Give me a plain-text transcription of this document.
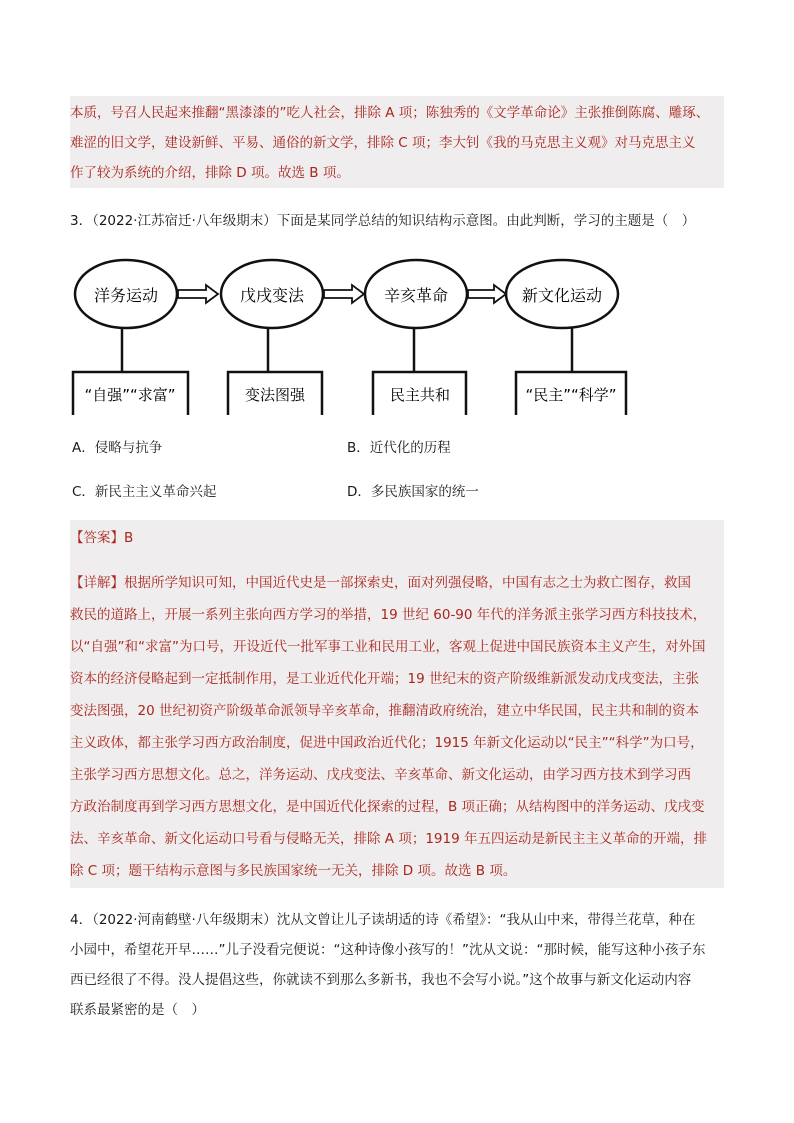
本质，号召人民起来推翻“黑漆漆的”吃人社会，排除 A 项；陈独秀的《文学革命论》主张推倒陈腐、雕琢、

难涩的旧文学，建设新鲜、平易、通俗的新文学，排除 C 项；李大钊《我的马克思主义观》对马克思主义

作了较为系统的介绍，排除 D 项。故选 B 项。

3．（2022·江苏宿迁·八年级期末）下面是某同学总结的知识结构示意图。由此判断，学习的主题是（　）

洋务运动	戊戌变法	辛亥革命	新文化运动
“自强”“求富”	变法图强	民主共和	“民主”“科学”
A．侵略与抗争	B．近代化的历程
C．新民主主义革命兴起	D．多民族国家的统一

【答案】B

【详解】根据所学知识可知，中国近代史是一部探索史，面对列强侵略，中国有志之士为救亡图存，救国

救民的道路上，开展一系列主张向西方学习的举措，19 世纪 60-90 年代的洋务派主张学习西方科技技术，

以“自强”和“求富”为口号，开设近代一批军事工业和民用工业，客观上促进中国民族资本主义产生，对外国

资本的经济侵略起到一定抵制作用，是工业近代化开端；19 世纪末的资产阶级维新派发动戊戌变法，主张

变法图强，20 世纪初资产阶级革命派领导辛亥革命，推翻清政府统治，建立中华民国，民主共和制的资本

主义政体，都主张学习西方政治制度，促进中国政治近代化；1915 年新文化运动以“民主”“科学”为口号，

主张学习西方思想文化。总之，洋务运动、戊戌变法、辛亥革命、新文化运动，由学习西方技术到学习西

方政治制度再到学习西方思想文化，是中国近代化探索的过程，B 项正确；从结构图中的洋务运动、戊戌变

法、辛亥革命、新文化运动口号看与侵略无关，排除 A 项；1919 年五四运动是新民主主义革命的开端，排

除 C 项；题干结构示意图与多民族国家统一无关，排除 D 项。故选 B 项。

4．（2022·河南鹤壁·八年级期末）沈从文曾让儿子读胡适的诗《希望》：“我从山中来，带得兰花草，种在

小园中，希望花开早……”儿子没看完便说：“这种诗像小孩写的！”沈从文说：“那时候，能写这种小孩子东

西已经很了不得。没人提倡这些，你就读不到那么多新书，我也不会写小说。”这个故事与新文化运动内容

联系最紧密的是（　）
